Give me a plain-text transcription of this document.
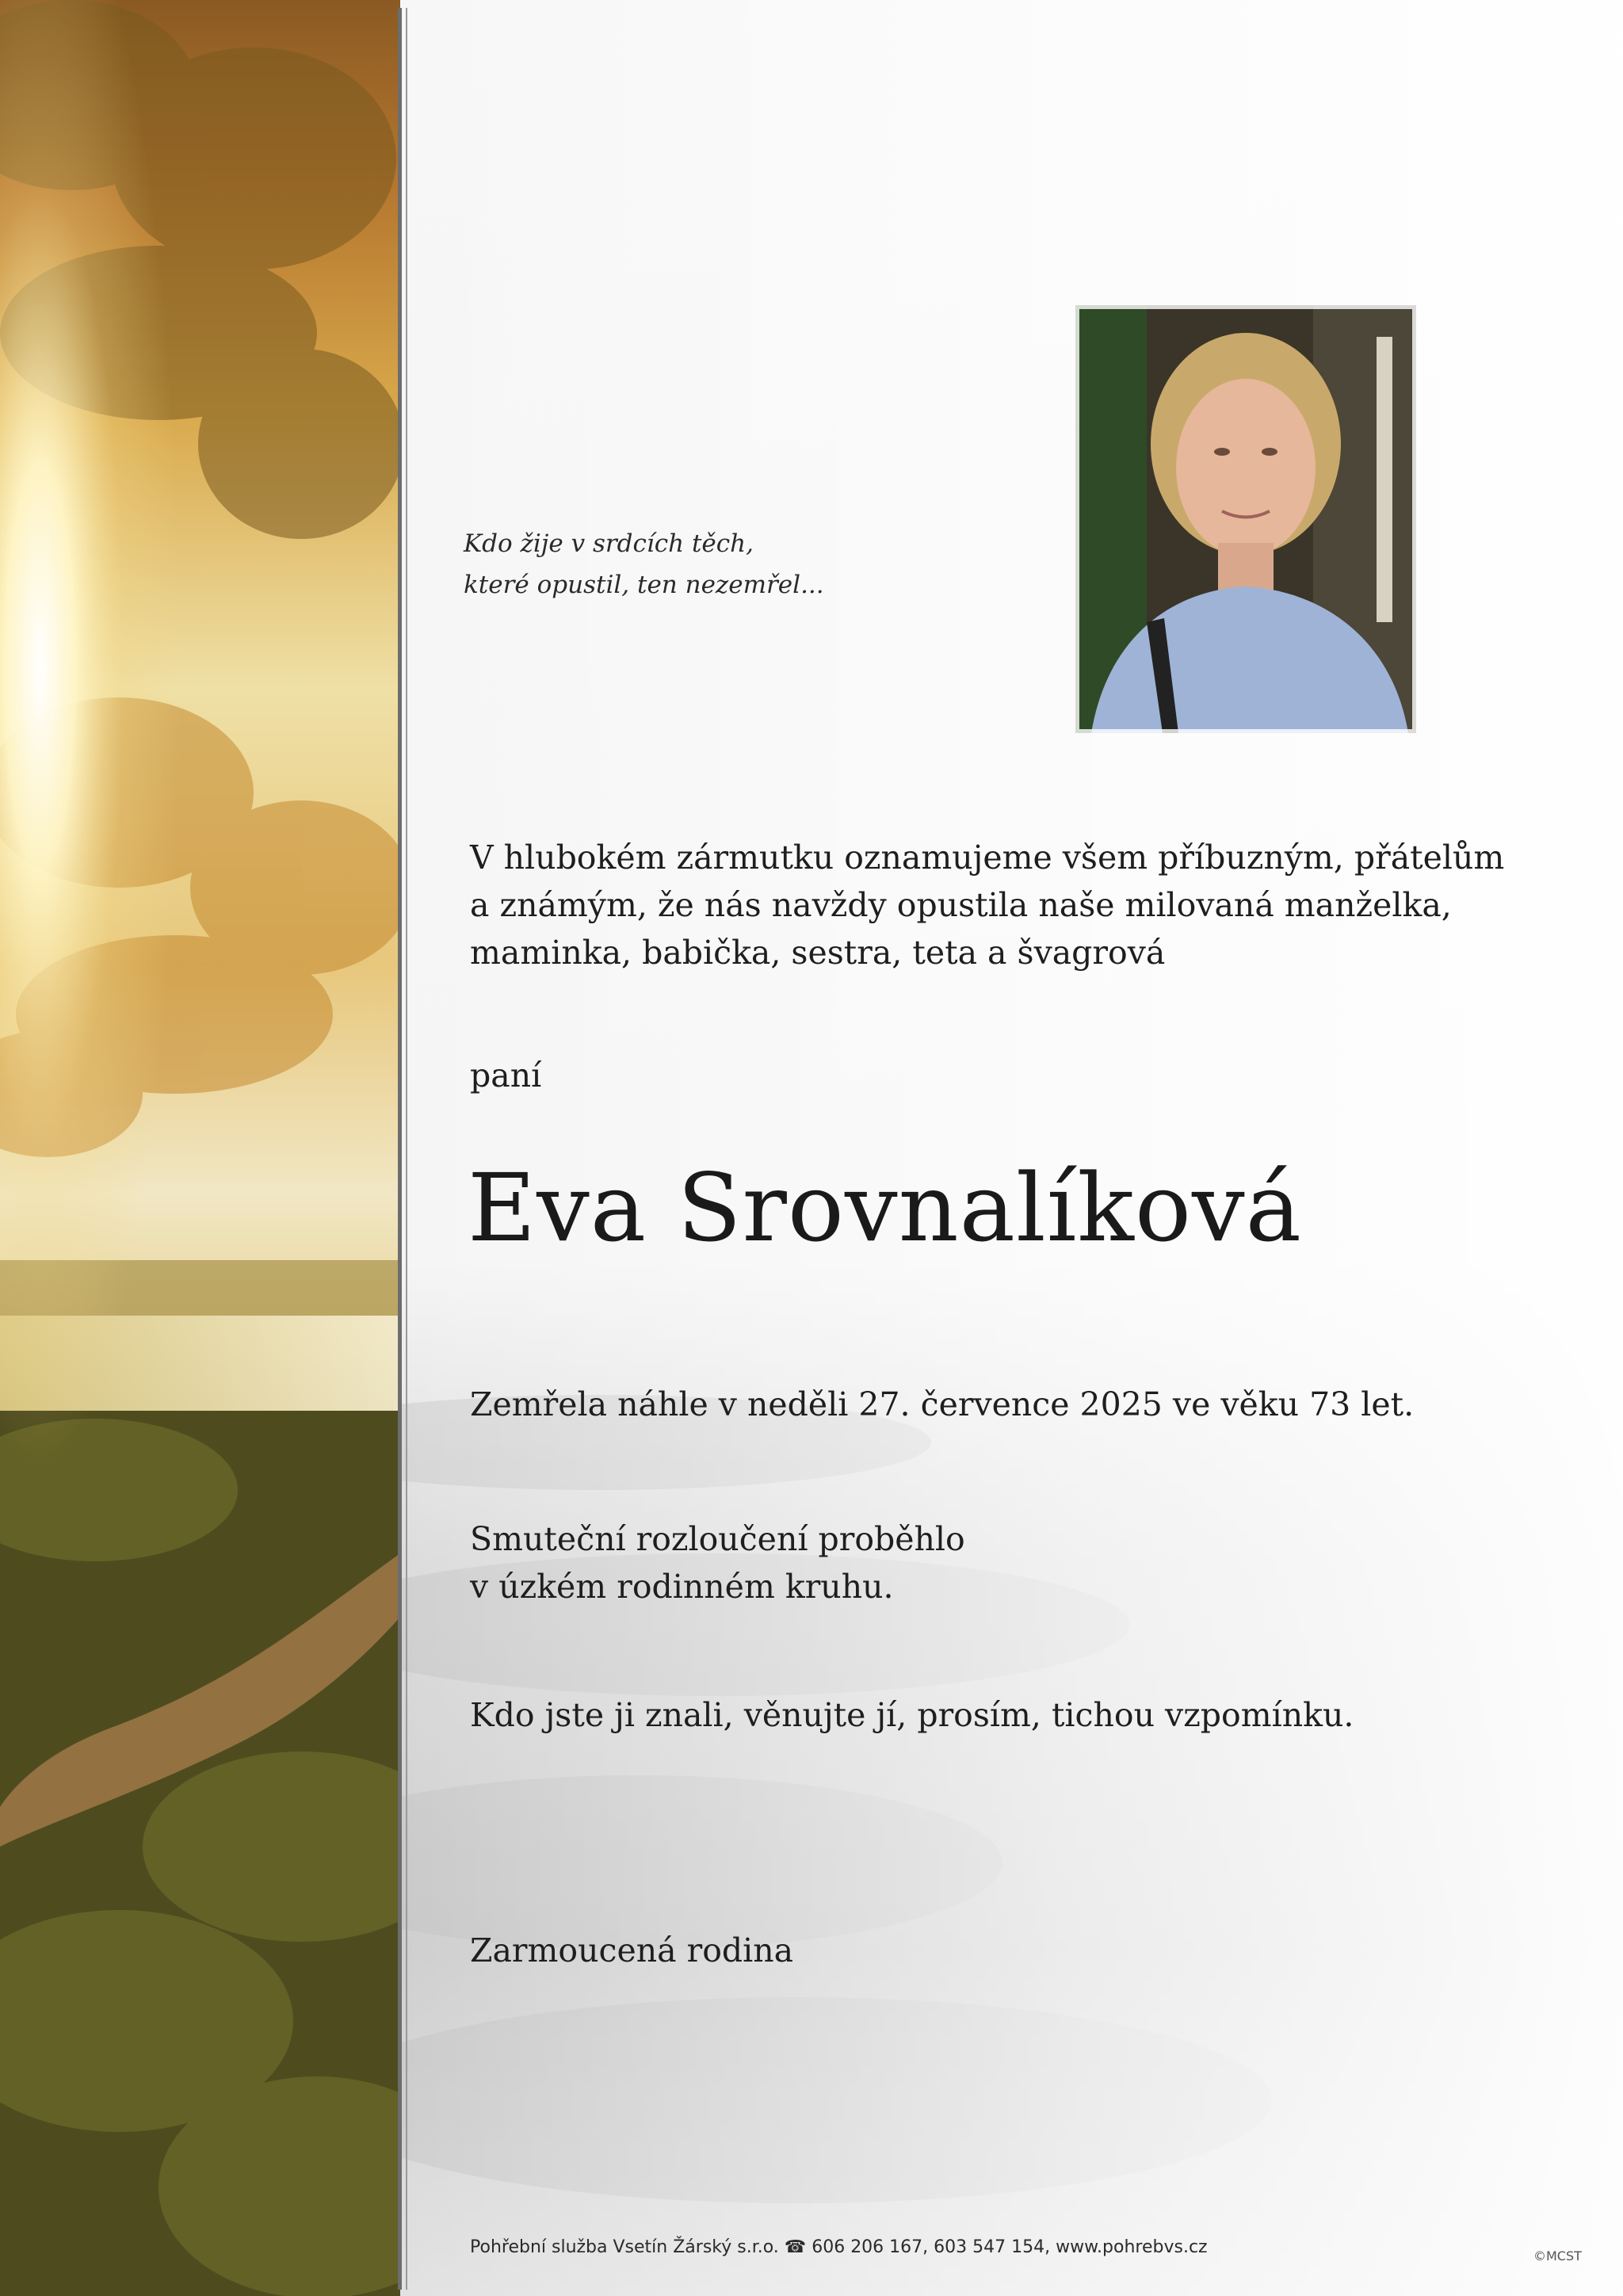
Kdo žije v srdcích těch,
které opustil, ten nezemřel...
V hlubokém zármutku oznamujeme všem příbuzným, přátelům
a známým, že nás navždy opustila naše milovaná manželka,
maminka, babička, sestra, teta a švagrová
paní
Eva Srovnalíková
Zemřela náhle v neděli 27. července 2025 ve věku 73 let.
Smuteční rozloučení proběhlo
v úzkém rodinném kruhu.
Kdo jste ji znali, věnujte jí, prosím, tichou vzpomínku.
Zarmoucená rodina
Pohřební služba Vsetín Žárský s.r.o. ☎ 606 206 167, 603 547 154, www.pohrebvs.cz	©MCST
